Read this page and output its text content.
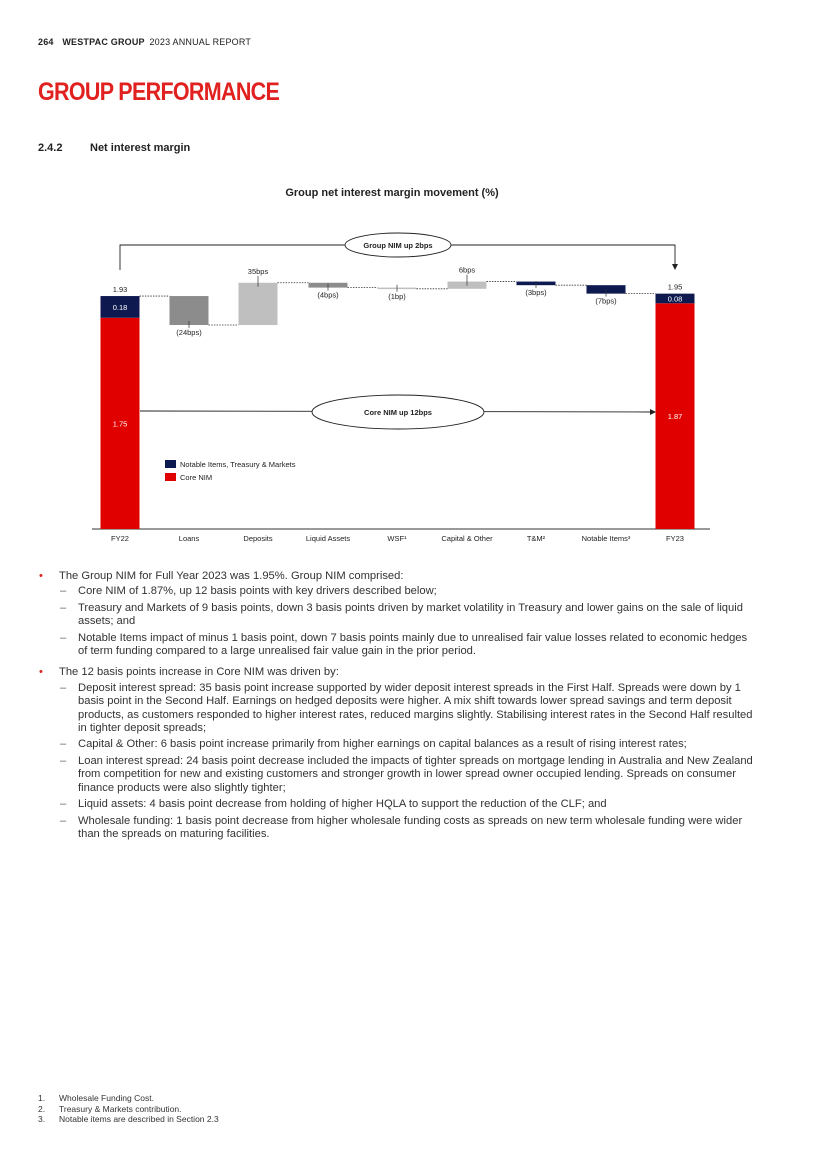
264 WESTPAC GROUP 2023 ANNUAL REPORT
GROUP PERFORMANCE
2.4.2	Net interest margin
Group net interest margin movement (%)
FY22	Loans	Deposits	Liquid Assets	WSF¹	Capital & Other	T&M²	Notable Items³	FY23
1.75
0.18
1.93
1.87
0.08
1.95
(24bps)
35bps
(4bps)	(1bp)
6bps
(3bps)
(7bps)
Group NIM up 2bps
Core NIM up 12bps
Notable Items, Treasury & Markets
Core NIM
• The Group NIM for Full Year 2023 was 1.95%. Group NIM comprised:
– Core NIM of 1.87%, up 12 basis points with key drivers described below;
– Treasury and Markets of 9 basis points, down 3 basis points driven by market volatility in Treasury and lower gains on the sale of liquid assets; and
– Notable Items impact of minus 1 basis point, down 7 basis points mainly due to unrealised fair value losses related to economic hedges of term funding compared to a large unrealised fair value gain in the prior period.
• The 12 basis points increase in Core NIM was driven by:
– Deposit interest spread: 35 basis point increase supported by wider deposit interest spreads in the First Half. Spreads were down by 1 basis point in the Second Half. Earnings on hedged deposits were higher. A mix shift towards lower spread savings and term deposit products, as customers responded to higher interest rates, reduced margins slightly. Stabilising interest rates in the Second Half resulted in tighter deposit spreads;
– Capital & Other: 6 basis point increase primarily from higher earnings on capital balances as a result of rising interest rates;
– Loan interest spread: 24 basis point decrease included the impacts of tighter spreads on mortgage lending in Australia and New Zealand from competition for new and existing customers and stronger growth in lower spread owner occupied lending. Spreads on consumer finance products were also slightly tighter;
– Liquid assets: 4 basis point decrease from holding of higher HQLA to support the reduction of the CLF; and
– Wholesale funding: 1 basis point decrease from higher wholesale funding costs as spreads on new term wholesale funding were wider than the spreads on maturing facilities.
1. Wholesale Funding Cost.
2. Treasury & Markets contribution.
3. Notable items are described in Section 2.3
